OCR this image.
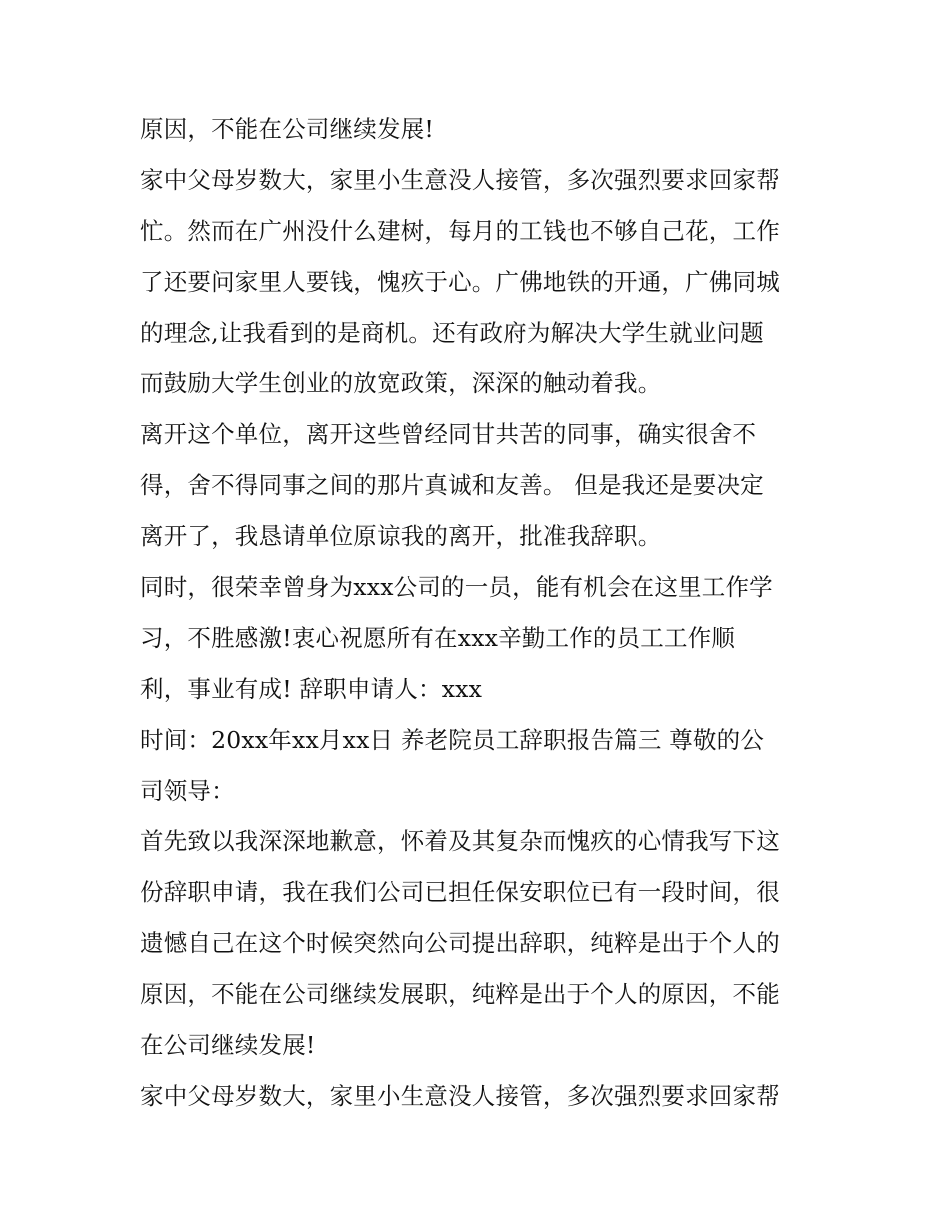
原因，不能在公司继续发展!
家中父母岁数大，家里小生意没人接管，多次强烈要求回家帮
忙。然而在广州没什么建树，每月的工钱也不够自己花，工作
了还要问家里人要钱，愧疚于心。广佛地铁的开通，广佛同城
的理念,让我看到的是商机。还有政府为解决大学生就业问题
而鼓励大学生创业的放宽政策，深深的触动着我。
离开这个单位，离开这些曾经同甘共苦的同事，确实很舍不
得，舍不得同事之间的那片真诚和友善。 但是我还是要决定
离开了，我恳请单位原谅我的离开，批准我辞职。
同时，很荣幸曾身为xxx公司的一员，能有机会在这里工作学
习，不胜感激!衷心祝愿所有在xxx辛勤工作的员工工作顺
利，事业有成! 辞职申请人：xxx
时间：20xx年xx月xx日 养老院员工辞职报告篇三 尊敬的公
司领导：
首先致以我深深地歉意，怀着及其复杂而愧疚的心情我写下这
份辞职申请，我在我们公司已担任保安职位已有一段时间，很
遗憾自己在这个时候突然向公司提出辞职，纯粹是出于个人的
原因，不能在公司继续发展职，纯粹是出于个人的原因，不能
在公司继续发展!
家中父母岁数大，家里小生意没人接管，多次强烈要求回家帮
